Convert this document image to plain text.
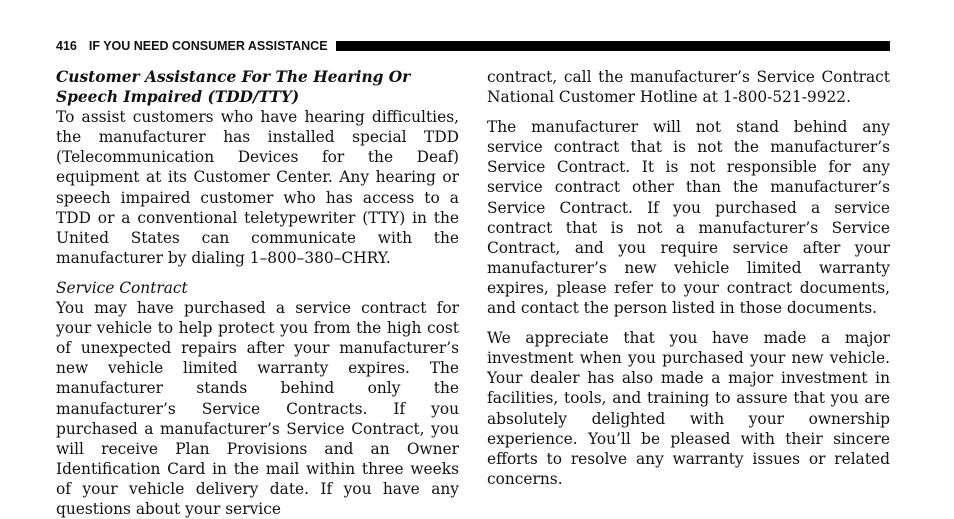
416 IF YOU NEED CONSUMER ASSISTANCE

Customer Assistance For The Hearing Or Speech Impaired (TDD/TTY)

To assist customers who have hearing difficulties, the manufacturer has installed special TDD (Telecommunication Devices for the Deaf) equipment at its Customer Center. Any hearing or speech impaired customer who has access to a TDD or a conventional teletypewriter (TTY) in the United States can communicate with the manufacturer by dialing 1–800–380–CHRY.

Service Contract

You may have purchased a service contract for your vehicle to help protect you from the high cost of unexpected repairs after your manufacturer’s new vehicle limited warranty expires. The manufacturer stands behind only the manufacturer’s Service Contracts. If you purchased a manufacturer’s Service Contract, you will receive Plan Provisions and an Owner Identification Card in the mail within three weeks of your vehicle delivery date. If you have any questions about your service

contract, call the manufacturer’s Service Contract National Customer Hotline at 1-800-521-9922.

The manufacturer will not stand behind any service contract that is not the manufacturer’s Service Contract. It is not responsible for any service contract other than the manufacturer’s Service Contract. If you purchased a service contract that is not a manufacturer’s Service Contract, and you require service after your manufacturer’s new vehicle limited warranty expires, please refer to your contract documents, and contact the person listed in those documents.

We appreciate that you have made a major investment when you purchased your new vehicle. Your dealer has also made a major investment in facilities, tools, and training to assure that you are absolutely delighted with your ownership experience. You’ll be pleased with their sincere efforts to resolve any warranty issues or related concerns.
